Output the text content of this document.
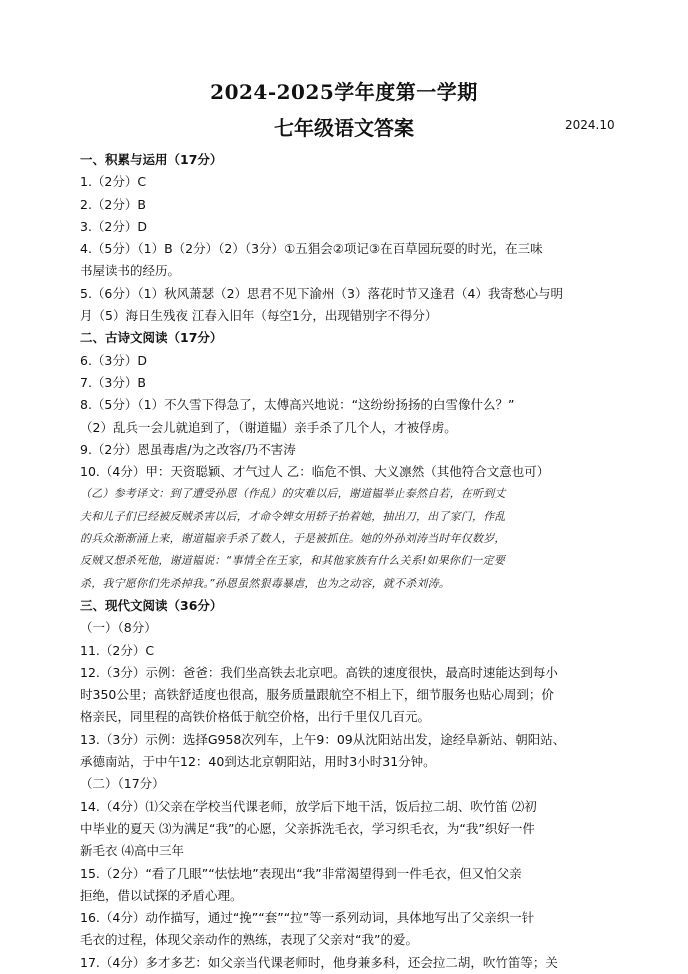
2024-2025学年度第一学期
七年级语文答案	2024.10
一、积累与运用（17分）
1.（2分）C
2.（2分）B
3.（2分）D
4.（5分）（1）B（2分）（2）（3分）①五猖会②项记③在百草园玩耍的时光，在三味
书屋读书的经历。
5.（6分）（1）秋风萧瑟（2）思君不见下渝州（3）落花时节又逢君（4）我寄愁心与明
月（5）海日生残夜 江春入旧年（每空1分，出现错别字不得分）
二、古诗文阅读（17分）
6.（3分）D
7.（3分）B
8.（5分）（1）不久雪下得急了，太傅高兴地说：“这纷纷扬扬的白雪像什么？”
（2）乱兵一会儿就追到了，（谢道韫）亲手杀了几个人，才被俘虏。
9.（2分）恩虽毒虐/为之改容/乃不害涛
10.（4分）甲：天资聪颖、才气过人 乙：临危不惧、大义凛然（其他符合文意也可）
（乙）参考译文：到了遭受孙恩（作乱）的灾难以后，谢道韫举止泰然自若，在听到丈
夫和儿子们已经被反贼杀害以后，才命令婢女用轿子抬着她，抽出刀，出了家门，作乱
的兵众渐渐涌上来，谢道韫亲手杀了数人，于是被抓住。她的外孙刘涛当时年仅数岁，
反贼又想杀死他，谢道韫说：“事情全在王家，和其他家族有什么关系!如果你们一定要
杀，我宁愿你们先杀掉我。”孙恩虽然狠毒暴虐，也为之动容，就不杀刘涛。
三、现代文阅读（36分）
（一）（8分）
11.（2分）C
12.（3分）示例：爸爸：我们坐高铁去北京吧。高铁的速度很快，最高时速能达到每小
时350公里；高铁舒适度也很高，服务质量跟航空不相上下，细节服务也贴心周到；价
格亲民，同里程的高铁价格低于航空价格，出行千里仅几百元。
13.（3分）示例：选择G958次列车，上午9：09从沈阳站出发，途经阜新站、朝阳站、
承德南站，于中午12：40到达北京朝阳站，用时3小时31分钟。
（二）（17分）
14.（4分）⑴父亲在学校当代课老师，放学后下地干活，饭后拉二胡、吹竹笛 ⑵初
中毕业的夏天 ⑶为满足“我”的心愿，父亲拆洗毛衣，学习织毛衣，为“我”织好一件
新毛衣 ⑷高中三年
15.（2分）“看了几眼”“怯怯地”表现出“我”非常渴望得到一件毛衣，但又怕父亲
拒绝，借以试探的矛盾心理。
16.（4分）动作描写，通过“挽”“套”“拉”等一系列动词，具体地写出了父亲织一针
毛衣的过程，体现父亲动作的熟练，表现了父亲对“我”的爱。
17.（4分）多才多艺：如父亲当代课老师时，他身兼多科，还会拉二胡，吹竹笛等；关
